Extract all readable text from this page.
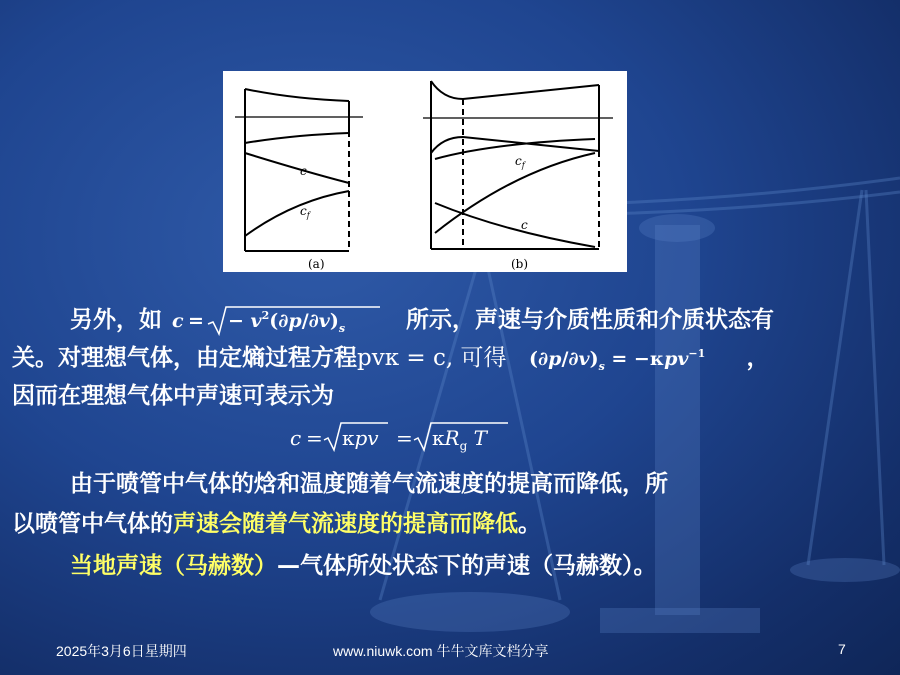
c
$c_f$
(a)
$c_f$
c
(b)
另外，如 c = − $v^2(\partial p/\partial v)_s$	所示，声速与介质性质和介质状态有
关。对理想气体，由定熵过程方程pvκ = c, 可得 $(\partial p/\partial v)_s = -\kappa pv^{-1}$ ，
因而在理想气体中声速可表示为
$c = \kappa pv = \kappa R_g$ T
由于喷管中气体的焓和温度随着气流速度的提高而降低，所
以喷管中气体的声速会随着气流速度的提高而降低。
当地声速（马赫数）—气体所处状态下的声速（马赫数）。
2025年3月6日星期四	www.niuwk.com 牛牛文库文档分享	7
